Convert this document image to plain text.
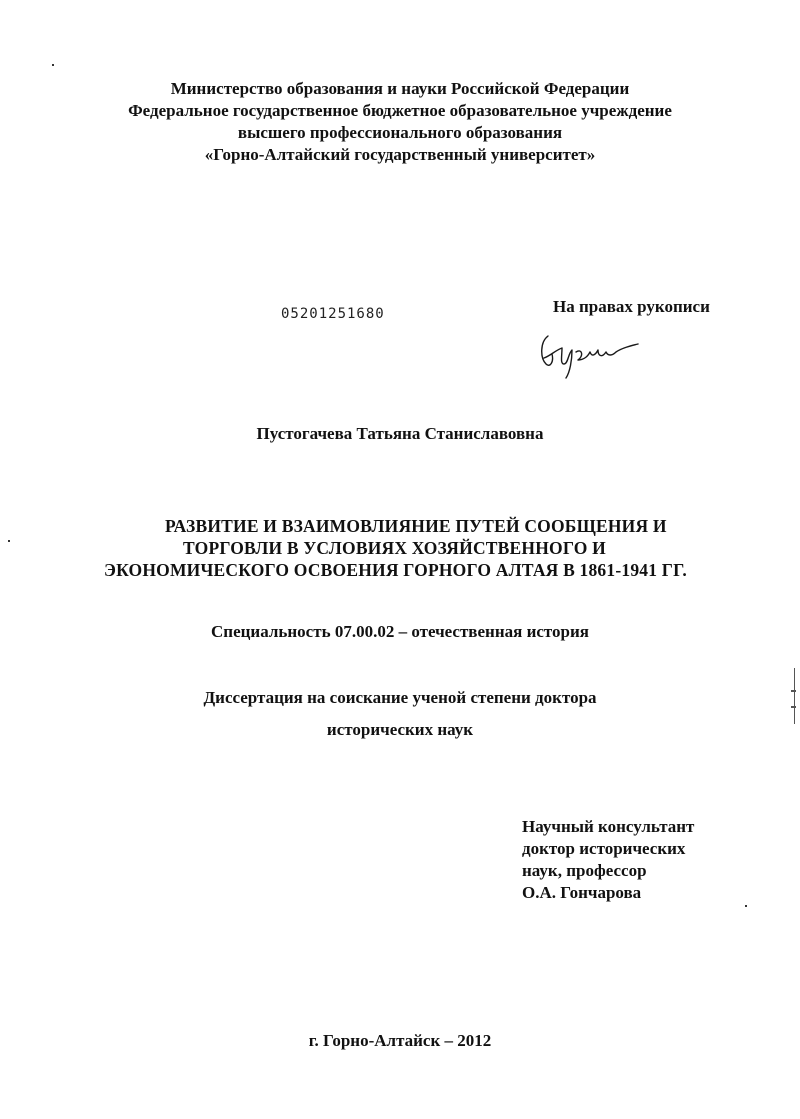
Министерство образования и науки Российской Федерации
Федеральное государственное бюджетное образовательное учреждение
высшего профессионального образования
«Горно-Алтайский государственный университет»
05201251680	На правах рукописи
Пустогачева Татьяна Станиславовна
РАЗВИТИЕ И ВЗАИМОВЛИЯНИЕ ПУТЕЙ СООБЩЕНИЯ И
ТОРГОВЛИ В УСЛОВИЯХ ХОЗЯЙСТВЕННОГО И
ЭКОНОМИЧЕСКОГО ОСВОЕНИЯ ГОРНОГО АЛТАЯ В 1861-1941 ГГ.
Специальность 07.00.02 – отечественная история
Диссертация на соискание ученой степени доктора
исторических наук
Научный консультант
доктор исторических
наук, профессор
О.А. Гончарова
г. Горно-Алтайск – 2012
